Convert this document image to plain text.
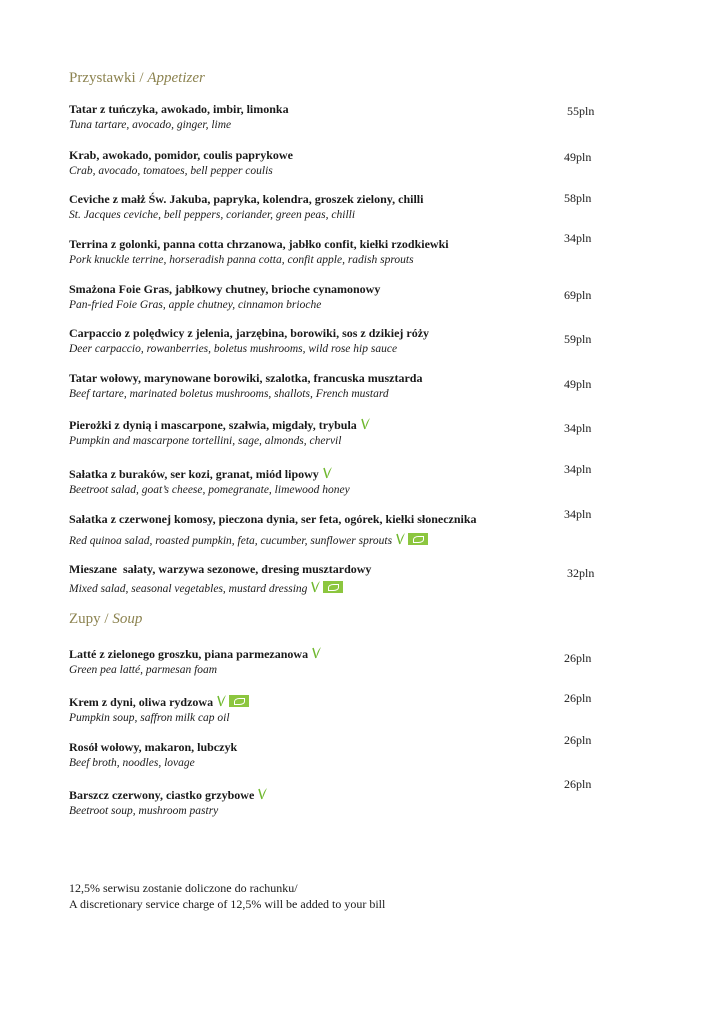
Przystawki / Appetizer
Tatar z tuńczyka, awokado, imbir, limonka
Tuna tartare, avocado, ginger, lime
55pln
Krab, awokado, pomidor, coulis paprykowe
Crab, avocado, tomatoes, bell pepper coulis
49pln
Ceviche z małż Św. Jakuba, papryka, kolendra, groszek zielony, chilli
St. Jacques ceviche, bell peppers, coriander, green peas, chilli
58pln
Terrina z golonki, panna cotta chrzanowa, jabłko confit, kiełki rzodkiewki
Pork knuckle terrine, horseradish panna cotta, confit apple, radish sprouts
34pln
Smażona Foie Gras, jabłkowy chutney, brioche cynamonowy
Pan-fried Foie Gras, apple chutney, cinnamon brioche
69pln
Carpaccio z polędwicy z jelenia, jarzębina, borowiki, sos z dzikiej róży
Deer carpaccio, rowanberries, boletus mushrooms, wild rose hip sauce
59pln
Tatar wołowy, marynowane borowiki, szalotka, francuska musztarda
Beef tartare, marinated boletus mushrooms, shallots, French mustard
49pln
Pierożki z dynią i mascarpone, szałwia, migdały, trybula
Pumpkin and mascarpone tortellini, sage, almonds, chervil
34pln
Sałatka z buraków, ser kozi, granat, miód lipowy
Beetroot salad, goat’s cheese, pomegranate, limewood honey
34pln
Sałatka z czerwonej komosy, pieczona dynia, ser feta, ogórek, kiełki słonecznika
Red quinoa salad, roasted pumpkin, feta, cucumber, sunflower sprouts
34pln
Mieszane  sałaty, warzywa sezonowe, dresing musztardowy
Mixed salad, seasonal vegetables, mustard dressing
32pln
Zupy / Soup
Latté z zielonego groszku, piana parmezanowa
Green pea latté, parmesan foam
26pln
Krem z dyni, oliwa rydzowa
Pumpkin soup, saffron milk cap oil
26pln
Rosół wołowy, makaron, lubczyk
Beef broth, noodles, lovage
26pln
Barszcz czerwony, ciastko grzybowe
Beetroot soup, mushroom pastry
26pln
12,5% serwisu zostanie doliczone do rachunku/
A discretionary service charge of 12,5% will be added to your bill
